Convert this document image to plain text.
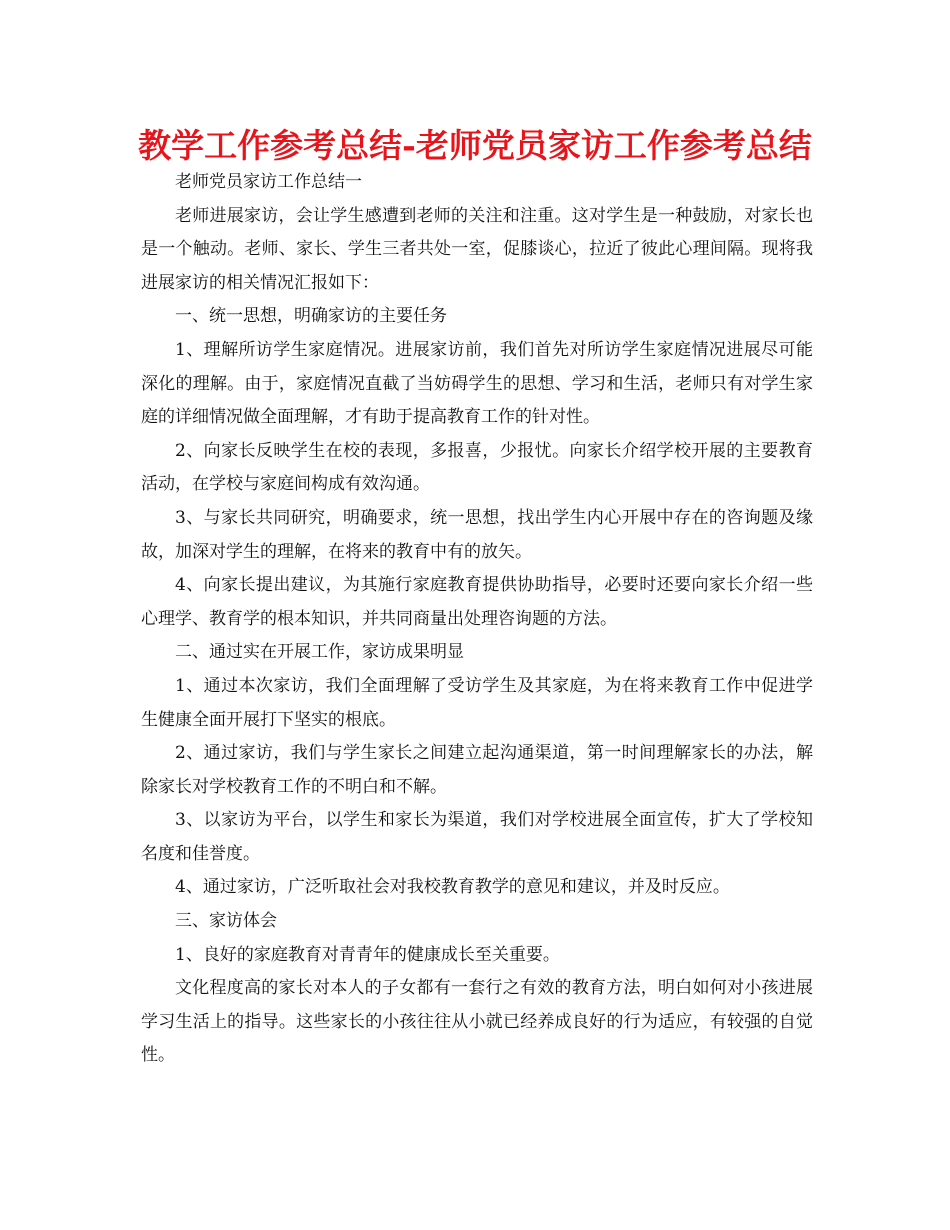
教学工作参考总结-老师党员家访工作参考总结

老师党员家访工作总结一

老师进展家访，会让学生感遭到老师的关注和注重。这对学生是一种鼓励，对家长也是一个触动。老师、家长、学生三者共处一室，促膝谈心，拉近了彼此心理间隔。现将我进展家访的相关情况汇报如下：

一、统一思想，明确家访的主要任务

1、理解所访学生家庭情况。进展家访前，我们首先对所访学生家庭情况进展尽可能深化的理解。由于，家庭情况直截了当妨碍学生的思想、学习和生活，老师只有对学生家庭的详细情况做全面理解，才有助于提高教育工作的针对性。

2、向家长反映学生在校的表现，多报喜，少报忧。向家长介绍学校开展的主要教育活动，在学校与家庭间构成有效沟通。

3、与家长共同研究，明确要求，统一思想，找出学生内心开展中存在的咨询题及缘故，加深对学生的理解，在将来的教育中有的放矢。

4、向家长提出建议，为其施行家庭教育提供协助指导，必要时还要向家长介绍一些心理学、教育学的根本知识，并共同商量出处理咨询题的方法。

二、通过实在开展工作，家访成果明显

1、通过本次家访，我们全面理解了受访学生及其家庭，为在将来教育工作中促进学生健康全面开展打下坚实的根底。

2、通过家访，我们与学生家长之间建立起沟通渠道，第一时间理解家长的办法，解除家长对学校教育工作的不明白和不解。

3、以家访为平台，以学生和家长为渠道，我们对学校进展全面宣传，扩大了学校知名度和佳誉度。

4、通过家访，广泛听取社会对我校教育教学的意见和建议，并及时反应。

三、家访体会

1、良好的家庭教育对青青年的健康成长至关重要。

文化程度高的家长对本人的子女都有一套行之有效的教育方法，明白如何对小孩进展学习生活上的指导。这些家长的小孩往往从小就已经养成良好的行为适应，有较强的自觉性。
